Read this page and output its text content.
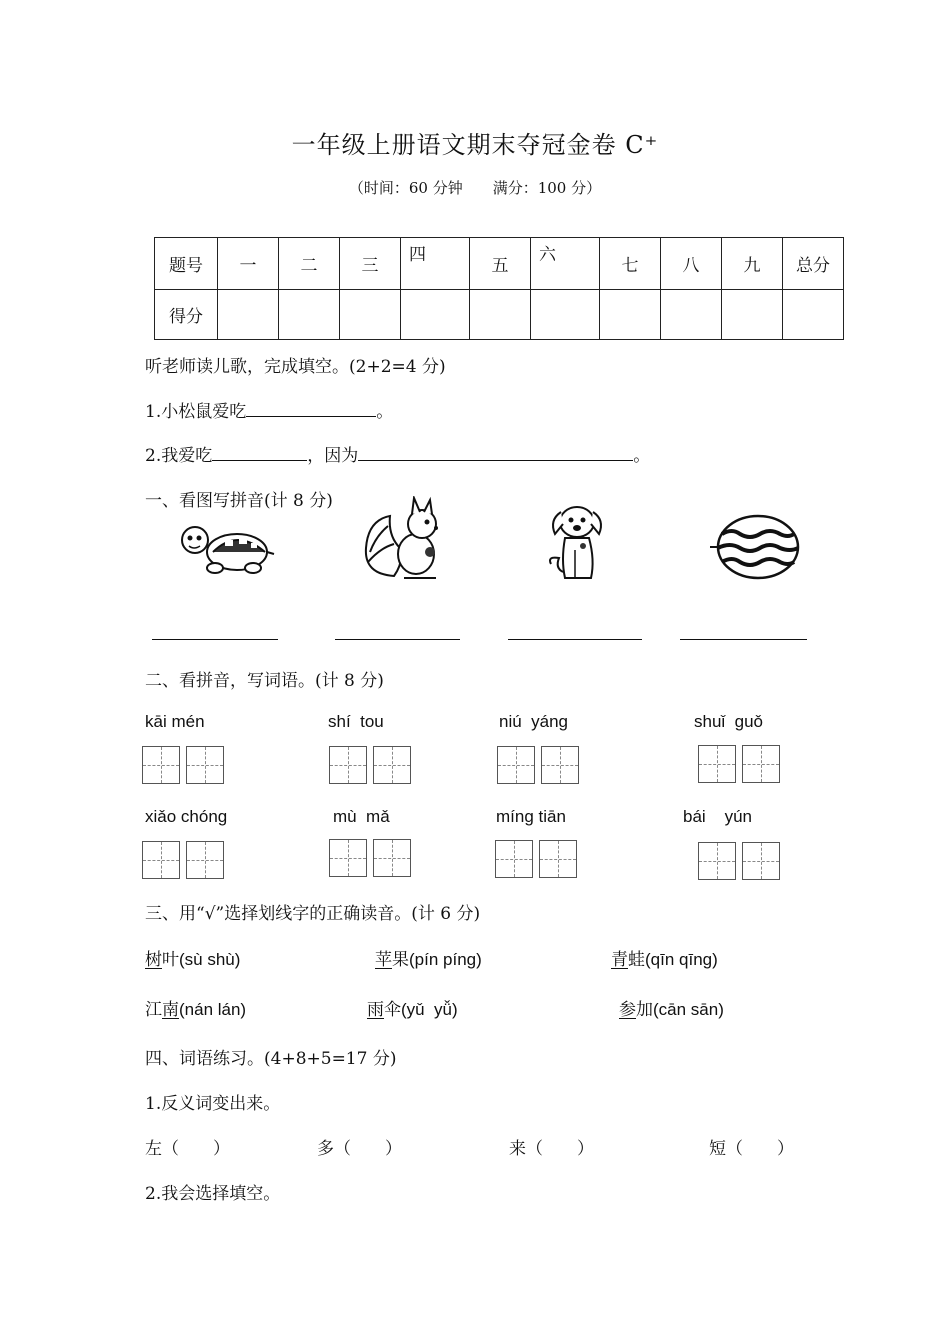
一年级上册语文期末夺冠金卷 C⁺
（时间：60 分钟　　满分：100 分）
题号	一	二	三	四	五	六	七	八	九	总分
得分										
听老师读儿歌，完成填空。(2+2=4 分)
1.小松鼠爱吃	。
2.我爱吃	，因为	。
一、看图写拼音(计 8 分)
二、看拼音，写词语。(计 8 分)
kāi mén	shí  tou	niú  yáng	shuǐ  guǒ
xiǎo chóng	mù  mǎ	míng tiān	bái    yún
三、用“√”选择划线字的正确读音。(计 6 分)
树叶(sù shù)	苹果(pín píng)	青蛙(qīn qīng)
江南(nán lán)	雨伞(yǔ  yǚ)	参加(cān sān)
四、词语练习。(4+8+5=17 分)
1.反义词变出来。
左（　　）	多（　　）	来（　　）	短（　　）
2.我会选择填空。
